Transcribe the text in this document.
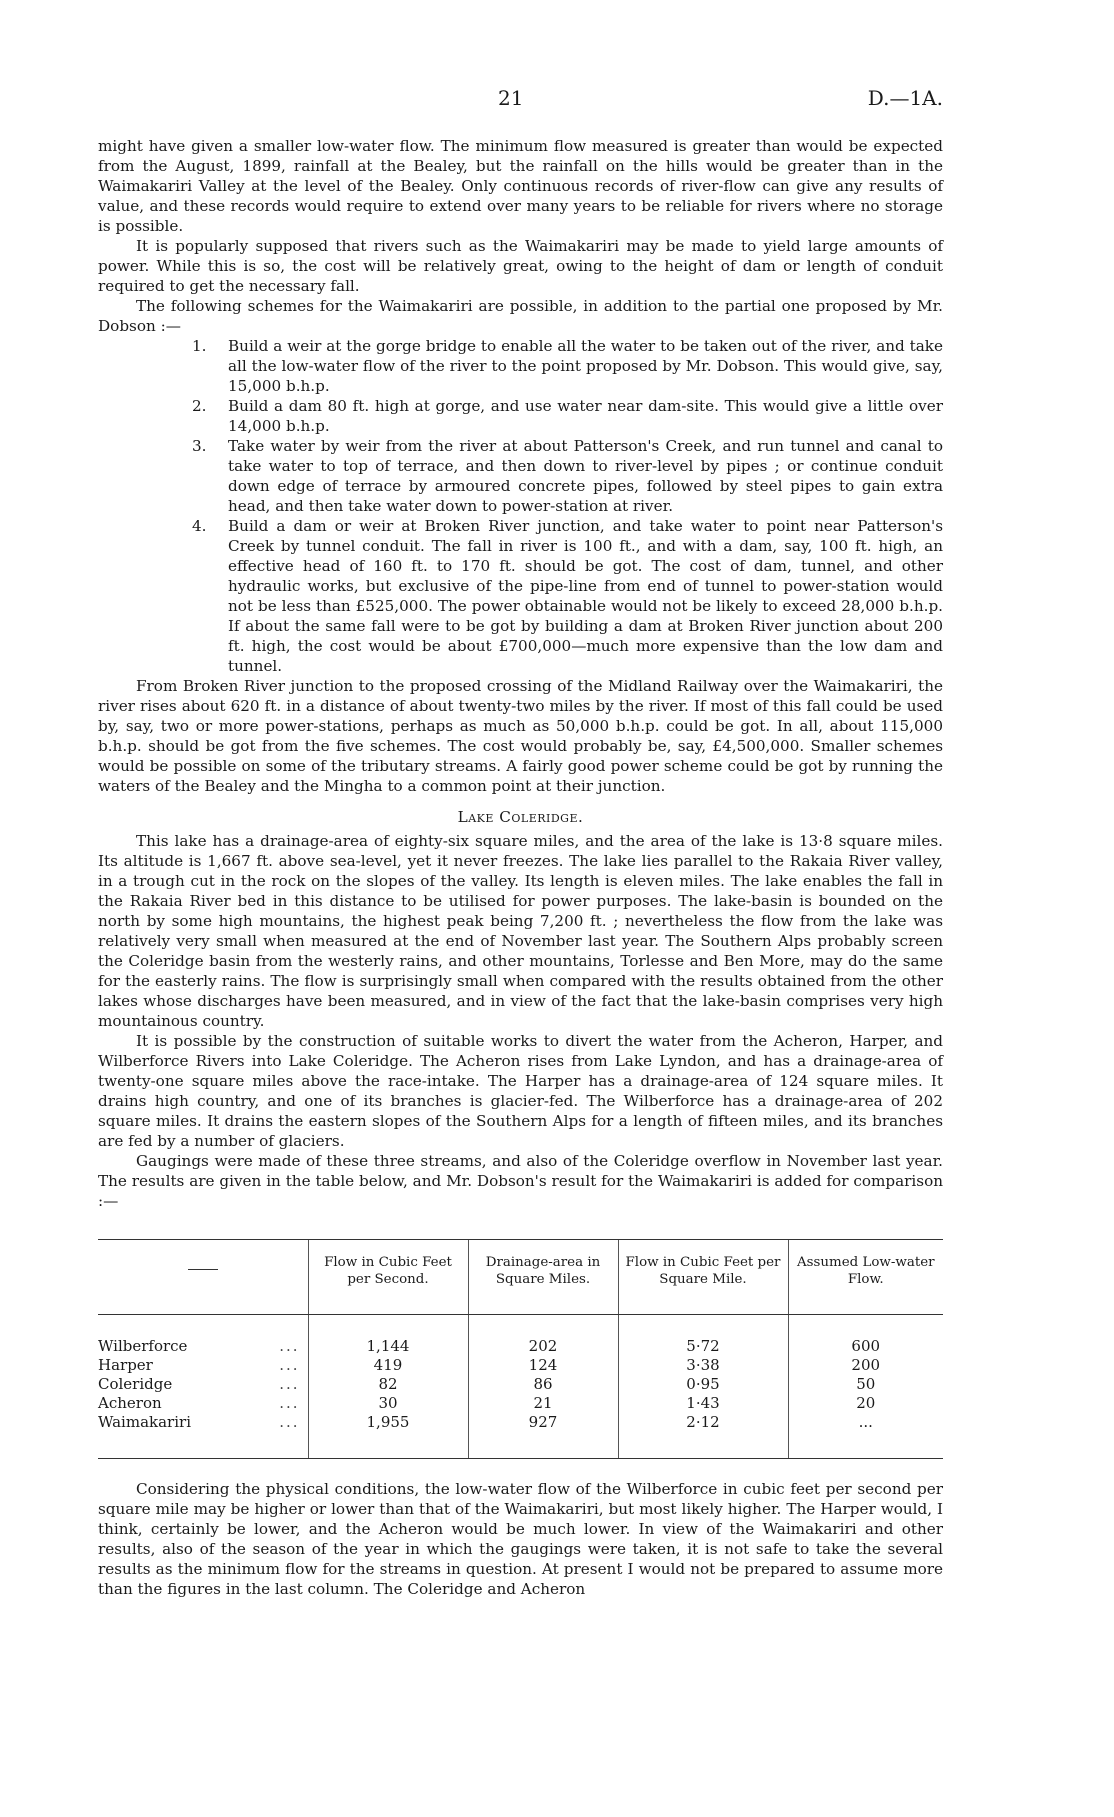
21	D.—1A.

might have given a smaller low-water flow. The minimum flow measured is greater than would be expected from the August, 1899, rainfall at the Bealey, but the rainfall on the hills would be greater than in the Waimakariri Valley at the level of the Bealey. Only continuous records of river-flow can give any results of value, and these records would require to extend over many years to be reliable for rivers where no storage is possible.

It is popularly supposed that rivers such as the Waimakariri may be made to yield large amounts of power. While this is so, the cost will be relatively great, owing to the height of dam or length of conduit required to get the necessary fall.

The following schemes for the Waimakariri are possible, in addition to the partial one proposed by Mr. Dobson :—

1. Build a weir at the gorge bridge to enable all the water to be taken out of the river, and take all the low-water flow of the river to the point proposed by Mr. Dobson. This would give, say, 15,000 b.h.p.
2. Build a dam 80 ft. high at gorge, and use water near dam-site. This would give a little over 14,000 b.h.p.
3. Take water by weir from the river at about Patterson's Creek, and run tunnel and canal to take water to top of terrace, and then down to river-level by pipes ; or continue conduit down edge of terrace by armoured concrete pipes, followed by steel pipes to gain extra head, and then take water down to power-station at river.
4. Build a dam or weir at Broken River junction, and take water to point near Patterson's Creek by tunnel conduit. The fall in river is 100 ft., and with a dam, say, 100 ft. high, an effective head of 160 ft. to 170 ft. should be got. The cost of dam, tunnel, and other hydraulic works, but exclusive of the pipe-line from end of tunnel to power-station would not be less than £525,000. The power obtainable would not be likely to exceed 28,000 b.h.p. If about the same fall were to be got by building a dam at Broken River junction about 200 ft. high, the cost would be about £700,000—much more expensive than the low dam and tunnel.

From Broken River junction to the proposed crossing of the Midland Railway over the Waimakariri, the river rises about 620 ft. in a distance of about twenty-two miles by the river. If most of this fall could be used by, say, two or more power-stations, perhaps as much as 50,000 b.h.p. could be got. In all, about 115,000 b.h.p. should be got from the five schemes. The cost would probably be, say, £4,500,000. Smaller schemes would be possible on some of the tributary streams. A fairly good power scheme could be got by running the waters of the Bealey and the Mingha to a common point at their junction.

Lake Coleridge.

This lake has a drainage-area of eighty-six square miles, and the area of the lake is 13·8 square miles. Its altitude is 1,667 ft. above sea-level, yet it never freezes. The lake lies parallel to the Rakaia River valley, in a trough cut in the rock on the slopes of the valley. Its length is eleven miles. The lake enables the fall in the Rakaia River bed in this distance to be utilised for power purposes. The lake-basin is bounded on the north by some high mountains, the highest peak being 7,200 ft. ; nevertheless the flow from the lake was relatively very small when measured at the end of November last year. The Southern Alps probably screen the Coleridge basin from the westerly rains, and other mountains, Torlesse and Ben More, may do the same for the easterly rains. The flow is surprisingly small when compared with the results obtained from the other lakes whose discharges have been measured, and in view of the fact that the lake-basin comprises very high mountainous country.

It is possible by the construction of suitable works to divert the water from the Acheron, Harper, and Wilberforce Rivers into Lake Coleridge. The Acheron rises from Lake Lyndon, and has a drainage-area of twenty-one square miles above the race-intake. The Harper has a drainage-area of 124 square miles. It drains high country, and one of its branches is glacier-fed. The Wilberforce has a drainage-area of 202 square miles. It drains the eastern slopes of the Southern Alps for a length of fifteen miles, and its branches are fed by a number of glaciers.

Gaugings were made of these three streams, and also of the Coleridge overflow in November last year. The results are given in the table below, and Mr. Dobson's result for the Waimakariri is added for comparison :—

	Flow in Cubic Feet per Second.	Drainage-area in Square Miles.	Flow in Cubic Feet per Square Mile.	Assumed Low-water Flow.
Wilberforce ...	1,144	202	5·72	600
Harper ...	419	124	3·38	200
Coleridge ...	82	86	0·95	50
Acheron ...	30	21	1·43	20
Waimakariri ...	1,955	927	2·12	...

Considering the physical conditions, the low-water flow of the Wilberforce in cubic feet per second per square mile may be higher or lower than that of the Waimakariri, but most likely higher. The Harper would, I think, certainly be lower, and the Acheron would be much lower. In view of the Waimakariri and other results, also of the season of the year in which the gaugings were taken, it is not safe to take the several results as the minimum flow for the streams in question. At present I would not be prepared to assume more than the figures in the last column. The Coleridge and Acheron
